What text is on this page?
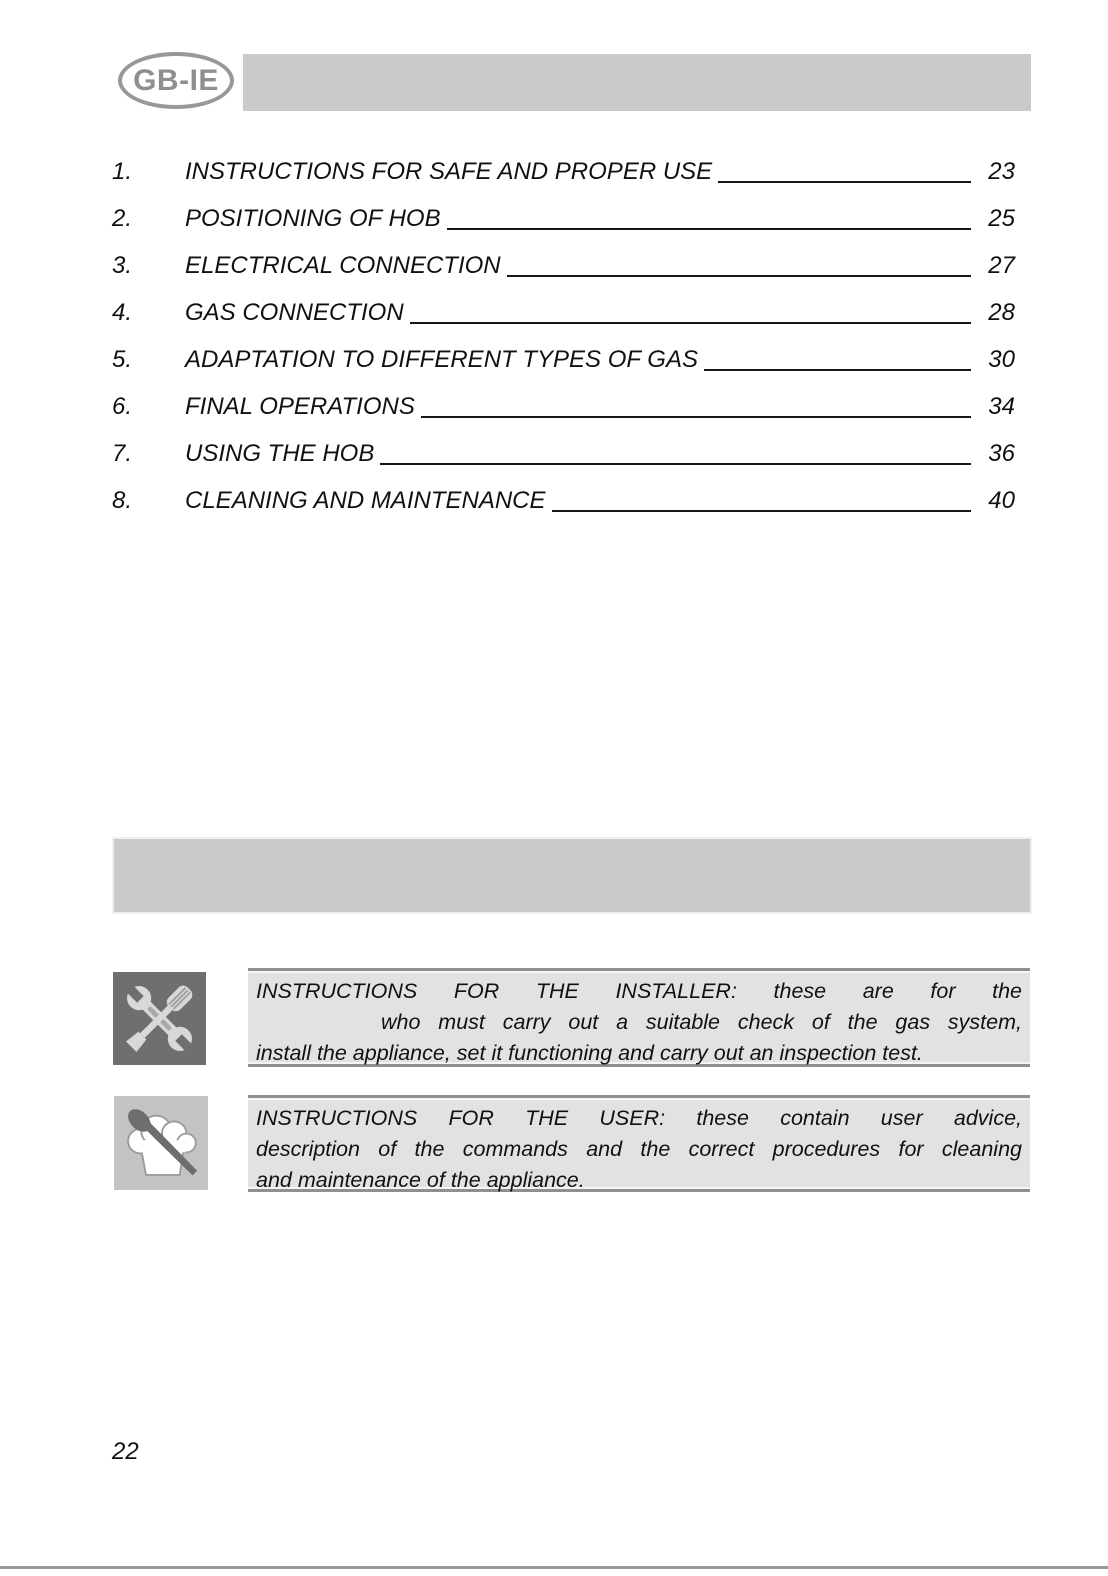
GB-IE
1.	INSTRUCTIONS FOR SAFE AND PROPER USE	23
2.	POSITIONING OF HOB	25
3.	ELECTRICAL CONNECTION	27
4.	GAS CONNECTION	28
5.	ADAPTATION TO DIFFERENT TYPES OF GAS	30
6.	FINAL OPERATIONS	34
7.	USING THE HOB	36
8.	CLEANING AND MAINTENANCE	40
INSTRUCTIONS FOR THE INSTALLER: these are for the
who must carry out a suitable check of the gas system,
install the appliance, set it functioning and carry out an inspection test.
INSTRUCTIONS FOR THE USER: these contain user advice,
description of the commands and the correct procedures for cleaning
and maintenance of the appliance.
22
